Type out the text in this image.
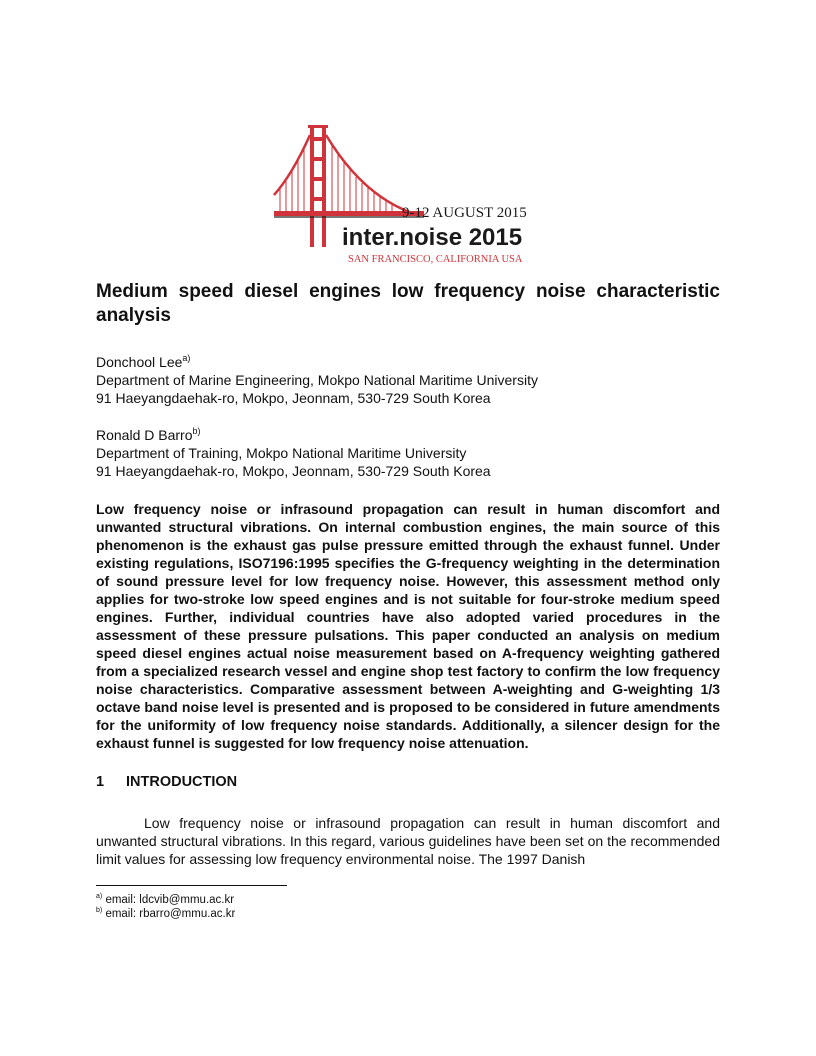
9-12 AUGUST 2015
inter.noise 2015
SAN FRANCISCO, CALIFORNIA USA
Medium speed diesel engines low frequency noise characteristic analysis
Donchool Lee$^{a)}$
Department of Marine Engineering, Mokpo National Maritime University
91 Haeyangdaehak-ro, Mokpo, Jeonnam, 530-729 South Korea
Ronald D Barro$^{b)}$
Department of Training, Mokpo National Maritime University
91 Haeyangdaehak-ro, Mokpo, Jeonnam, 530-729 South Korea
Low frequency noise or infrasound propagation can result in human discomfort and unwanted structural vibrations. On internal combustion engines, the main source of this phenomenon is the exhaust gas pulse pressure emitted through the exhaust funnel. Under existing regulations, ISO7196:1995 specifies the G-frequency weighting in the determination of sound pressure level for low frequency noise. However, this assessment method only applies for two-stroke low speed engines and is not suitable for four-stroke medium speed engines. Further, individual countries have also adopted varied procedures in the assessment of these pressure pulsations. This paper conducted an analysis on medium speed diesel engines actual noise measurement based on A-frequency weighting gathered from a specialized research vessel and engine shop test factory to confirm the low frequency noise characteristics. Comparative assessment between A-weighting and G-weighting 1/3 octave band noise level is presented and is proposed to be considered in future amendments for the uniformity of low frequency noise standards. Additionally, a silencer design for the exhaust funnel is suggested for low frequency noise attenuation.
1 INTRODUCTION
Low frequency noise or infrasound propagation can result in human discomfort and unwanted structural vibrations. In this regard, various guidelines have been set on the recommended limit values for assessing low frequency environmental noise. The 1997 Danish
$^{a)}$ email: ldcvib@mmu.ac.kr
$^{b)}$ email: rbarro@mmu.ac.kr
